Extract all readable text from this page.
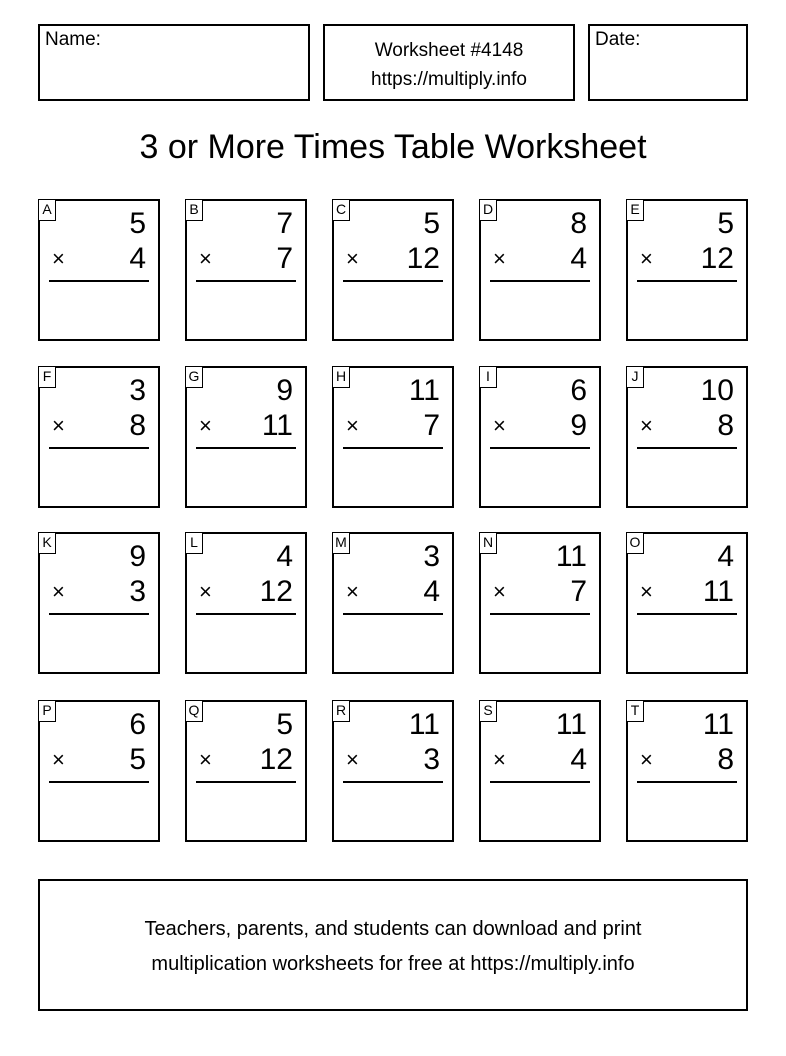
Name:
Worksheet #4148
https://multiply.info
Date:
3 or More Times Table Worksheet
A	5
× 4
B	7
× 7
C	5
× 12
D	8
× 4
E	5
× 12
F	3
× 8
G	9
× 11
H 11
× 7
I	6
× 9
J 10
× 8
K	9
× 3
L	4
× 12
M	3
× 4
N 11
× 7
O	4
× 11
P	6
× 5
Q	5
× 12
R 11
× 3
S 11
× 4
T 11
× 8
Teachers, parents, and students can download and print
multiplication worksheets for free at https://multiply.info
